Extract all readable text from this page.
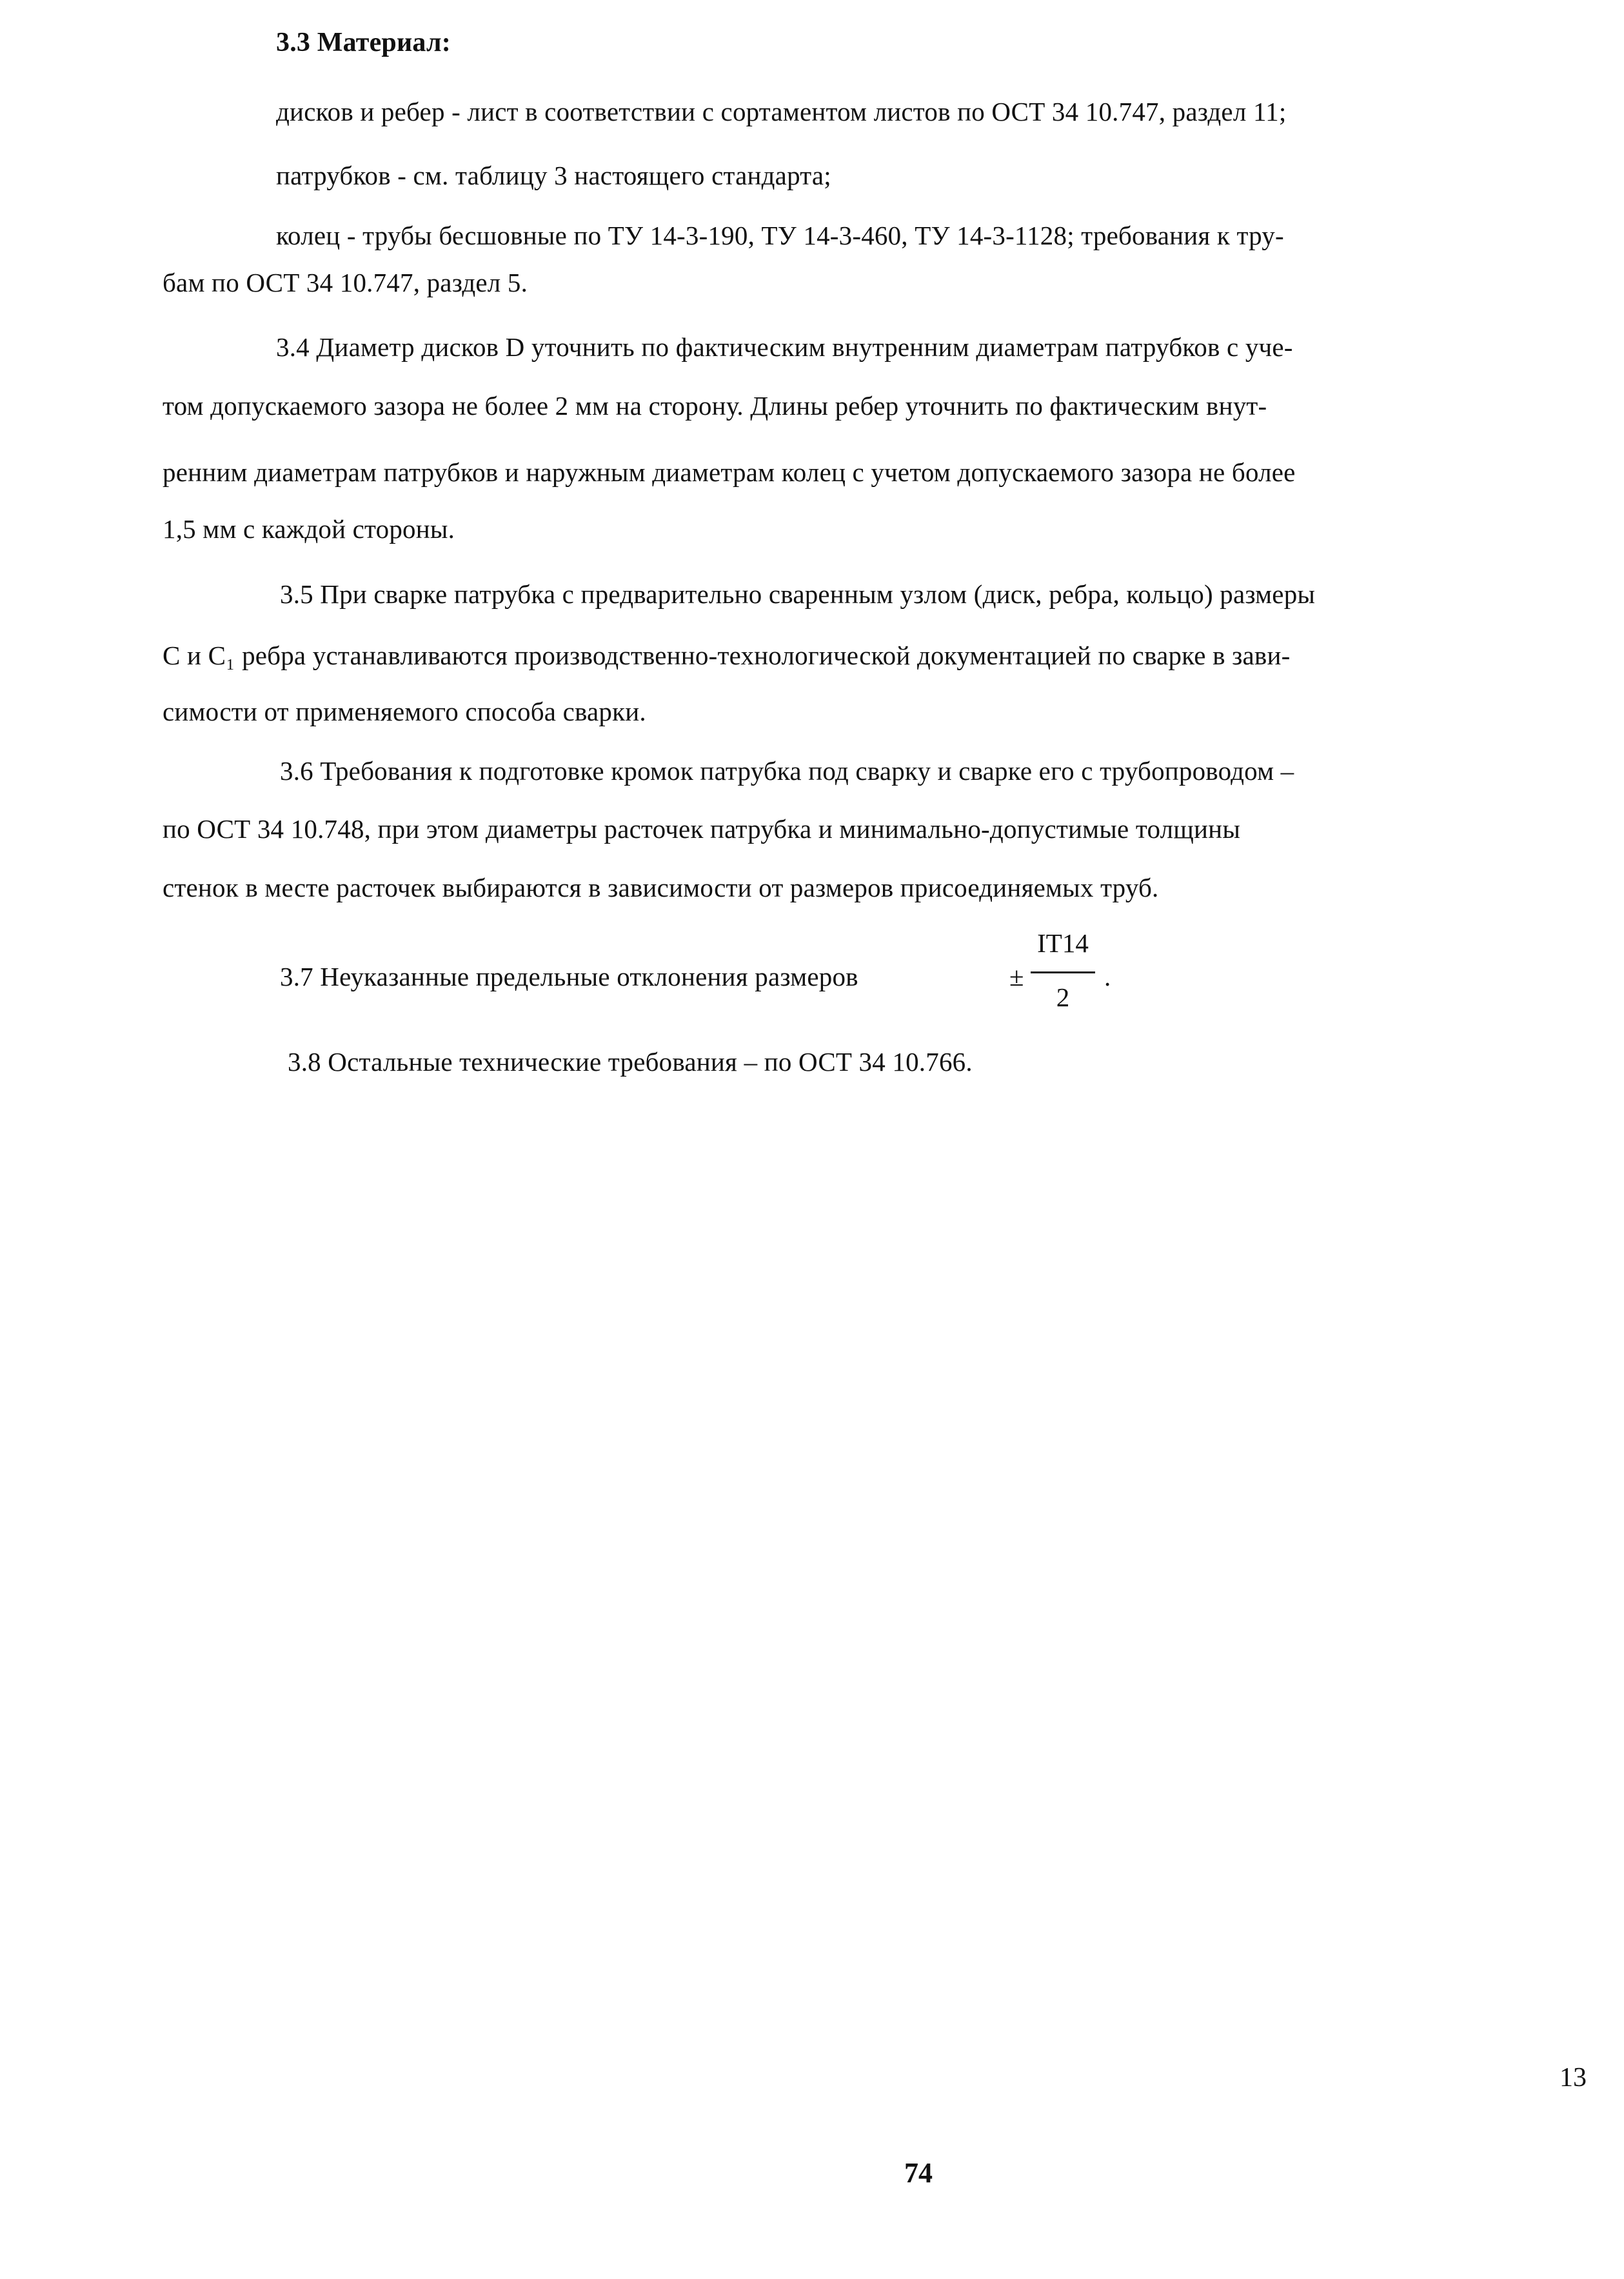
3.3 Материал:
дисков и ребер - лист в соответствии с сортаментом листов по ОСТ 34 10.747, раздел 11;
патрубков - см. таблицу 3 настоящего стандарта;
колец - трубы бесшовные по ТУ 14-3-190, ТУ 14-3-460, ТУ 14-3-1128; требования к тру-
бам по ОСТ 34 10.747, раздел 5.
3.4 Диаметр дисков D уточнить по фактическим внутренним диаметрам патрубков с уче-
том допускаемого зазора не более 2 мм на сторону. Длины ребер уточнить по фактическим внут-
ренним диаметрам патрубков и наружным диаметрам колец с учетом допускаемого зазора не более
1,5 мм с каждой стороны.
3.5 При сварке патрубка с предварительно сваренным узлом (диск, ребра, кольцо) размеры
С и С₁ ребра устанавливаются производственно-технологической документацией по сварке в зави-
симости от применяемого способа сварки.
3.6 Требования к подготовке кромок патрубка под сварку и сварке его с трубопроводом –
по ОСТ 34 10.748, при этом диаметры расточек патрубка и минимально-допустимые толщины
стенок в месте расточек выбираются в зависимости от размеров присоединяемых труб.
3.7 Неуказанные предельные отклонения размеров	±
IT14
2
.
3.8 Остальные технические требования – по ОСТ 34 10.766.
13
74
